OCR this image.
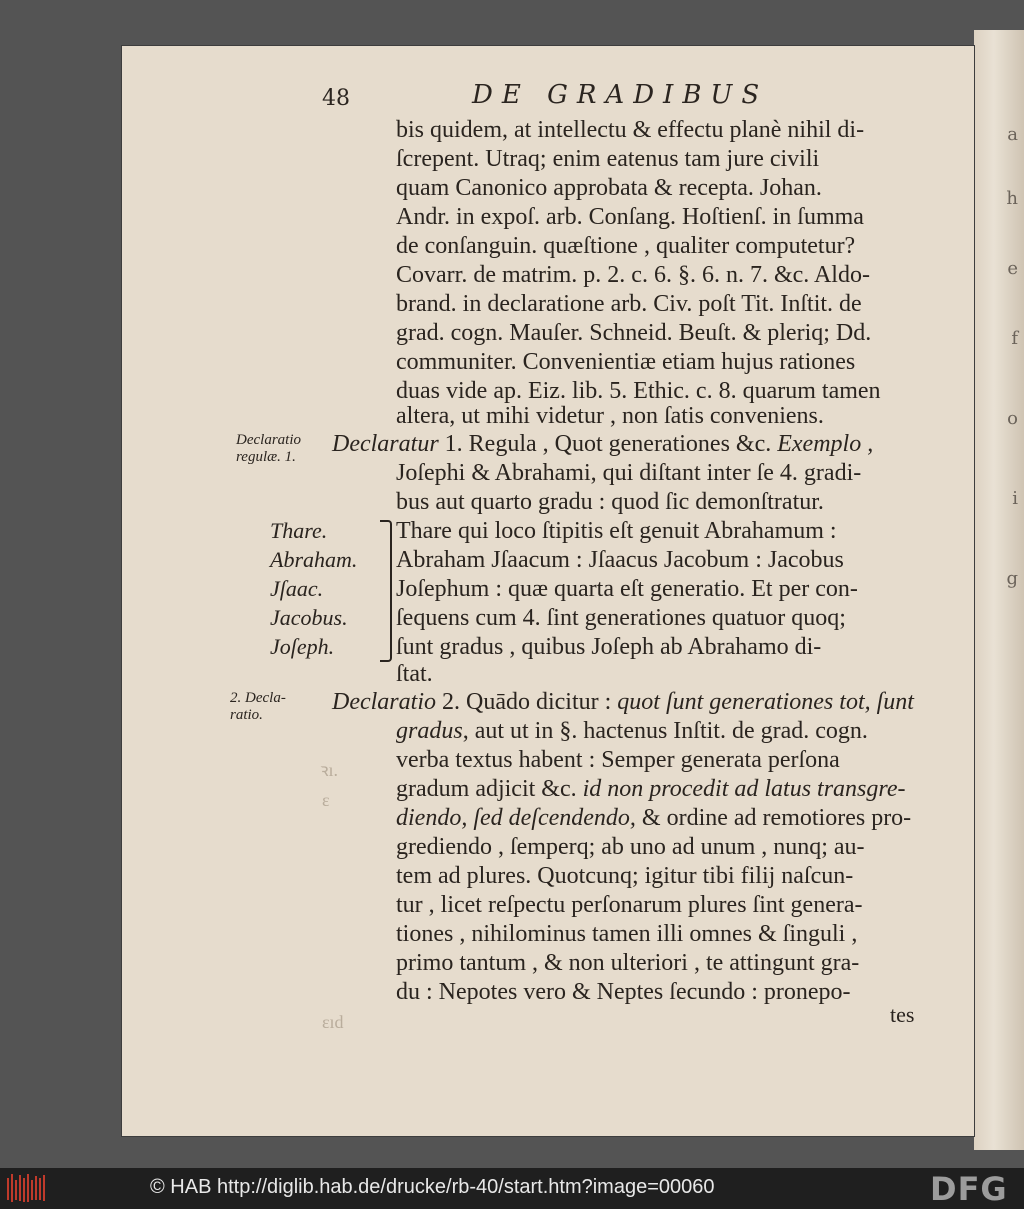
a
h
e
f
o
i
g
48	DE GRADIBUS
bis quidem, at intellectu & effectu planè nihil di-
ſcrepent. Utraq; enim eatenus tam jure civili
quam Canonico approbata & recepta. Johan.
Andr. in expoſ. arb. Conſang. Hoſtienſ. in ſumma
de conſanguin. quæſtione , qualiter computetur?
Covarr. de matrim. p. 2. c. 6. §. 6. n. 7. &c. Aldo-
brand. in declaratione arb. Civ. poſt Tit. Inſtit. de
grad. cogn. Mauſer. Schneid. Beuſt. & pleriq; Dd.
communiter. Convenientiæ etiam hujus rationes
duas vide ap. Eiz. lib. 5. Ethic. c. 8. quarum tamen
altera, ut mihi videtur , non ſatis conveniens.
Declaratio
regulæ. 1.
Declaratur 1. Regula , Quot generationes &c. Exemplo ,
Joſephi & Abrahami, qui diſtant inter ſe 4. gradi-
bus aut quarto gradu : quod ſic demonſtratur.
Thare qui loco ſtipitis eſt genuit Abrahamum :
Abraham Jſaacum : Jſaacus Jacobum : Jacobus
Joſephum : quæ quarta eſt generatio. Et per con-
ſequens cum 4. ſint generationes quatuor quoq;
ſunt gradus , quibus Joſeph ab Abrahamo di-
ſtat.
Thare.
Abraham.
Jſaac.
Jacobus.
Joſeph.
2. Decla-
ratio.
Declaratio 2. Quādo dicitur : quot ſunt generationes tot, ſunt
gradus, aut ut in §. hactenus Inſtit. de grad. cogn.
verba textus habent : Semper generata perſona
gradum adjicit &c. id non procedit ad latus transgre-
diendo, ſed deſcendendo, & ordine ad remotiores pro-
grediendo , ſemperq; ab uno ad unum , nunq; au-
tem ad plures. Quotcunq; igitur tibi filij naſcun-
tur , licet reſpectu perſonarum plures ſint genera-
tiones , nihilominus tamen illi omnes & ſinguli ,
primo tantum , & non ulteriori , te attingunt gra-
du : Nepotes vero & Neptes ſecundo : pronepo-
tes
ꝛı.
ɛ
ɛıd
© HAB http://diglib.hab.de/drucke/rb-40/start.htm?image=00060	DFG
